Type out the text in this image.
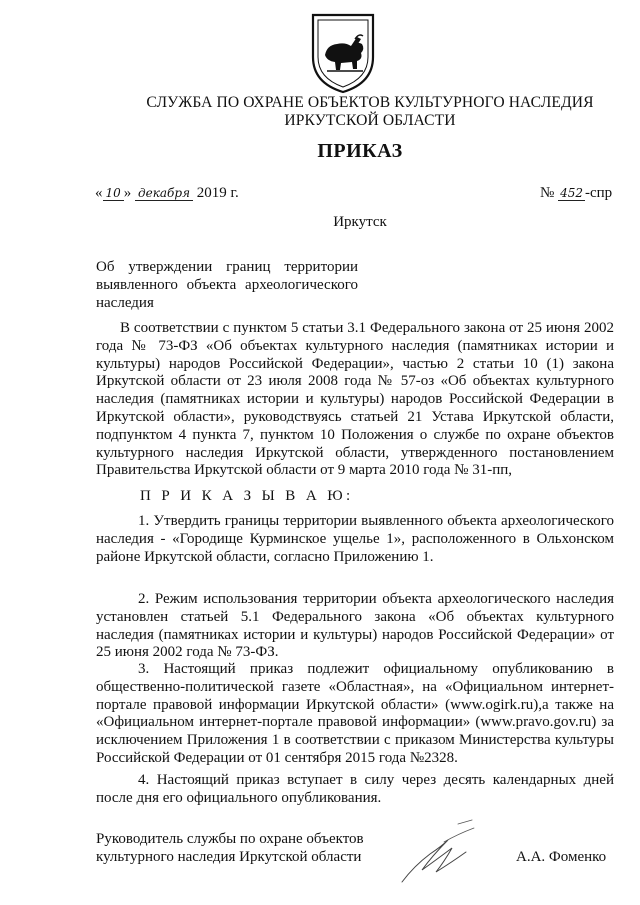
СЛУЖБА ПО ОХРАНЕ ОБЪЕКТОВ КУЛЬТУРНОГО НАСЛЕДИЯ
ИРКУТСКОЙ ОБЛАСТИ
ПРИКАЗ
« 10 » декабря 2019 г.	№ 452 -спр
Иркутск
Об утверждении границ территории выявленного объекта археологического наследия
В соответствии с пунктом 5 статьи 3.1 Федерального закона от 25 июня 2002 года № 73-ФЗ «Об объектах культурного наследия (памятниках истории и культуры) народов Российской Федерации», частью 2 статьи 10 (1) закона Иркутской области от 23 июля 2008 года № 57-оз «Об объектах культурного наследия (памятниках истории и культуры) народов Российской Федерации в Иркутской области», руководствуясь статьей 21 Устава Иркутской области, подпунктом 4 пункта 7, пунктом 10 Положения о службе по охране объектов культурного наследия Иркутской области, утвержденного постановлением Правительства Иркутской области от 9 марта 2010 года № 31-пп,
П Р И К А З Ы В А Ю:
1. Утвердить границы территории выявленного объекта археологического наследия - «Городище Курминское ущелье 1», расположенного в Ольхонском районе Иркутской области, согласно Приложению 1.
2. Режим использования территории объекта археологического наследия установлен статьей 5.1 Федерального закона «Об объектах культурного наследия (памятниках истории и культуры) народов Российской Федерации» от 25 июня 2002 года № 73-ФЗ.
3. Настоящий приказ подлежит официальному опубликованию в общественно-политической газете «Областная», на «Официальном интернет-портале правовой информации Иркутской области» (www.ogirk.ru),а также на «Официальном интернет-портале правовой информации» (www.pravo.gov.ru) за исключением Приложения 1 в соответствии с приказом Министерства культуры Российской Федерации от 01 сентября 2015 года №2328.
4. Настоящий приказ вступает в силу через десять календарных дней после дня его официального опубликования.
Руководитель службы по охране объектов
культурного наследия Иркутской области	А.А. Фоменко
